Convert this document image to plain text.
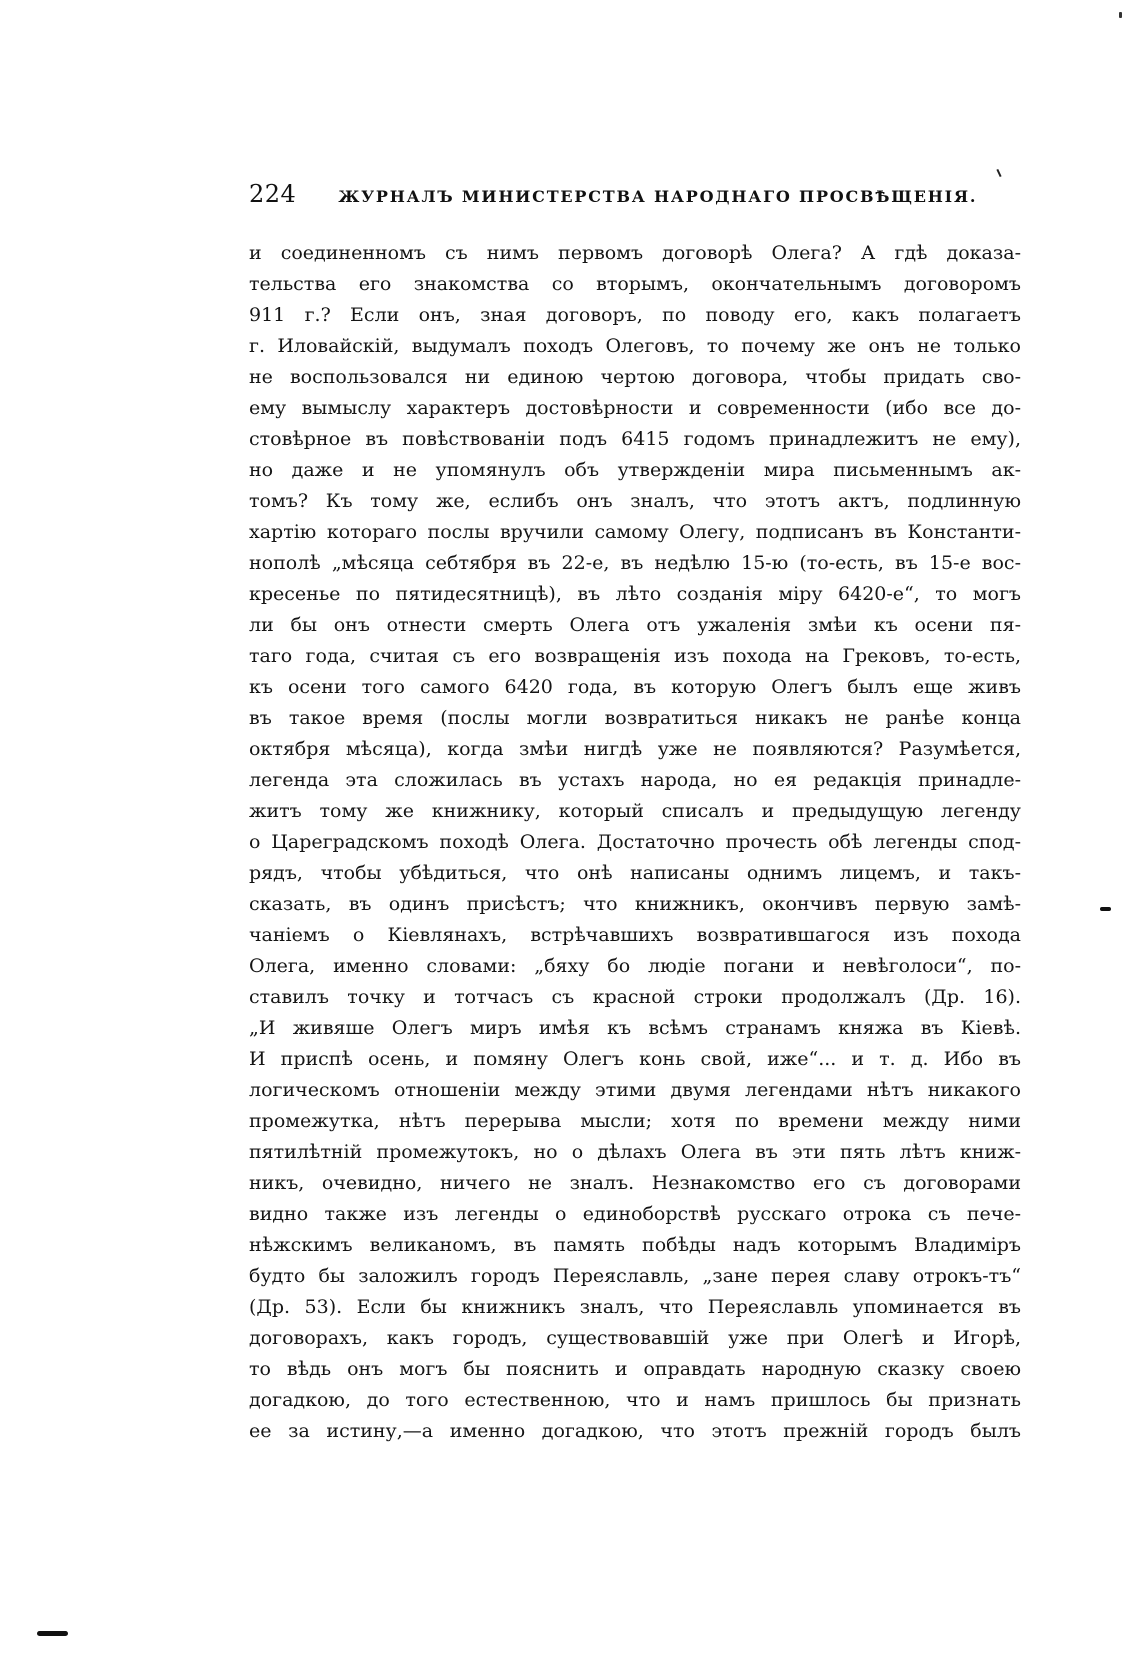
224	ЖУРНАЛЪ МИНИСТЕРСТВА НАРОДНАГО ПРОСВѢЩЕНІЯ.
и соединенномъ съ нимъ первомъ договорѣ Олега? А гдѣ доказа-
тельства его знакомства со вторымъ, окончательнымъ договоромъ
911 г.? Если онъ, зная договоръ, по поводу его, какъ полагаетъ
г. Иловайскій, выдумалъ походъ Олеговъ, то почему же онъ не только
не воспользовался ни единою чертою договора, чтобы придать сво-
ему вымыслу характеръ достовѣрности и современности (ибо все до-
стовѣрное въ повѣствованіи подъ 6415 годомъ принадлежитъ не ему),
но даже и не упомянулъ объ утвержденіи мира письменнымъ ак-
томъ? Къ тому же, еслибъ онъ зналъ, что этотъ актъ, подлинную
хартію котораго послы вручили самому Олегу, подписанъ въ Константи-
нополѣ „мѣсяца себтября въ 22-е, въ недѣлю 15-ю (то-есть, въ 15-е вос-
кресенье по пятидесятницѣ), въ лѣто созданія міру 6420-е“, то могъ
ли бы онъ отнести смерть Олега отъ ужаленія змѣи къ осени пя-
таго года, считая съ его возвращенія изъ похода на Грековъ, то-есть,
къ осени того самого 6420 года, въ которую Олегъ былъ еще живъ
въ такое время (послы могли возвратиться никакъ не ранѣе конца
октября мѣсяца), когда змѣи нигдѣ уже не появляются? Разумѣется,
легенда эта сложилась въ устахъ народа, но ея редакція принадле-
житъ тому же книжнику, который списалъ и предыдущую легенду
о Цареградскомъ походѣ Олега. Достаточно прочесть обѣ легенды спод-
рядъ, чтобы убѣдиться, что онѣ написаны однимъ лицемъ, и такъ-
сказать, въ одинъ присѣстъ; что книжникъ, окончивъ первую замѣ-
чаніемъ о Кіевлянахъ, встрѣчавшихъ возвратившагося изъ похода
Олега, именно словами: „бяху бо людіе погани и невѣголоси“, по-
ставилъ точку и тотчасъ съ красной строки продолжалъ (Др. 16).
„И живяше Олегъ миръ имѣя къ всѣмъ странамъ княжа въ Кіевѣ.
И приспѣ осень, и помяну Олегъ конь свой, иже“... и т. д. Ибо въ
логическомъ отношеніи между этими двумя легендами нѣтъ никакого
промежутка, нѣтъ перерыва мысли; хотя по времени между ними
пятилѣтній промежутокъ, но о дѣлахъ Олега въ эти пять лѣтъ книж-
никъ, очевидно, ничего не зналъ. Незнакомство его съ договорами
видно также изъ легенды о единоборствѣ русскаго отрока съ пече-
нѣжскимъ великаномъ, въ память побѣды надъ которымъ Владиміръ
будто бы заложилъ городъ Переяславль, „зане перея славу отрокъ-тъ“
(Др. 53). Если бы книжникъ зналъ, что Переяславль упоминается въ
договорахъ, какъ городъ, существовавшій уже при Олегѣ и Игорѣ,
то вѣдь онъ могъ бы пояснить и оправдать народную сказку своею
догадкою, до того естественною, что и намъ пришлось бы признать
ее за истину,—а именно догадкою, что этотъ прежній городъ былъ
